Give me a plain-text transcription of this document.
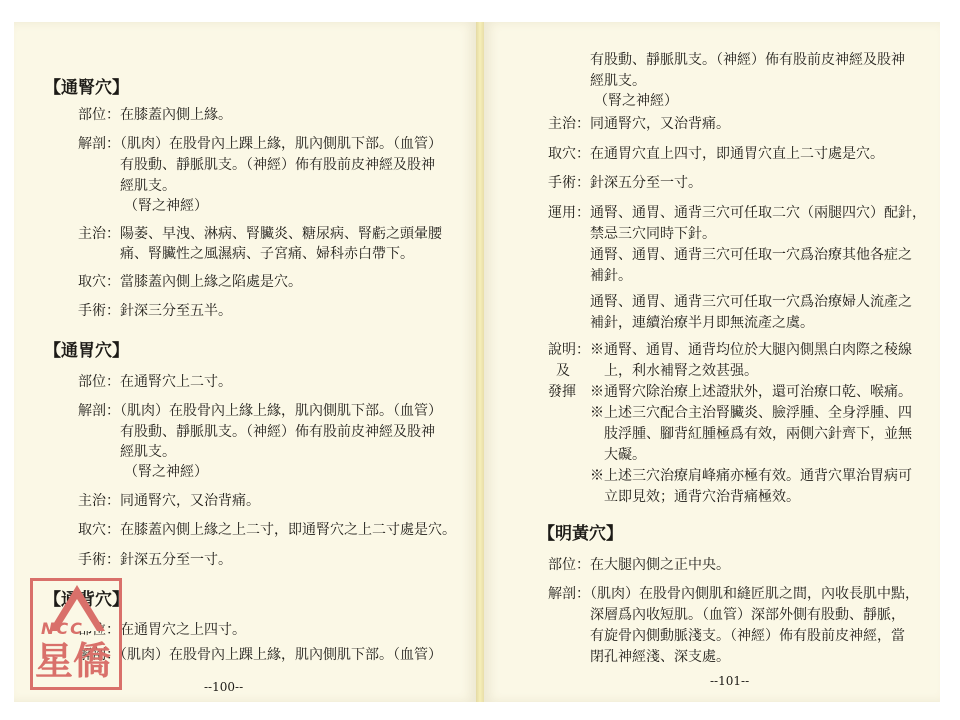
【通腎穴】
部位：在膝蓋內側上緣。
解剖：（肌肉）在股骨內上踝上緣，肌內側肌下部。（血管）
有股動、靜脈肌支。（神經）佈有股前皮神經及股神
經肌支。
（腎之神經）
主治：陽萎、早洩、淋病、腎臟炎、糖尿病、腎虧之頭暈腰
痛、腎臟性之風濕病、子宮痛、婦科赤白帶下。
取穴：當膝蓋內側上緣之陷處是穴。
手術：針深三分至五半。
【通胃穴】
部位：在通腎穴上二寸。
解剖：（肌肉）在股骨內上緣上緣，肌內側肌下部。（血管）
有股動、靜脈肌支。（神經）佈有股前皮神經及股神
經肌支。
（腎之神經）
主治：同通腎穴，又治背痛。
取穴：在膝蓋內側上緣之上二寸，即通腎穴之上二寸處是穴。
手術：針深五分至一寸。
【通背穴】
部位：在通胃穴之上四寸。
解剖：（肌肉）在股骨內上踝上緣，肌內側肌下部。（血管）
--100--
有股動、靜脈肌支。（神經）佈有股前皮神經及股神
經肌支。
（腎之神經）
主治：同通腎穴，又治背痛。
取穴：在通胃穴直上四寸，即通胃穴直上二寸處是穴。
手術：針深五分至一寸。
運用：通腎、通胃、通背三穴可任取二穴（兩腿四穴）配針，
禁忌三穴同時下針。
通腎、通胃、通背三穴可任取一穴爲治療其他各症之
補針。
通腎、通胃、通背三穴可任取一穴爲治療婦人流產之
補針，連續治療半月即無流產之虞。
說明：※通腎、通胃、通背均位於大腿內側黑白肉際之稜線
及 上，利水補腎之效甚强。
發揮 ※通腎穴除治療上述證狀外，還可治療口乾、喉痛。
※上述三穴配合主治腎臟炎、臉浮腫、全身浮腫、四
肢浮腫、腳背紅腫極爲有效，兩側六針齊下，並無
大礙。
※上述三穴治療肩峰痛亦極有效。通背穴單治胃病可
立即見效；通背穴治背痛極效。
【明黃穴】
部位：在大腿內側之正中央。
解剖：（肌肉）在股骨內側肌和縫匠肌之間，內收長肌中點，
深層爲內收短肌。（血管）深部外側有股動、靜脈，
有旋骨內側動脈淺支。（神經）佈有股前皮神經，當
閉孔神經淺、深支處。
--101--
NCC
星僑
